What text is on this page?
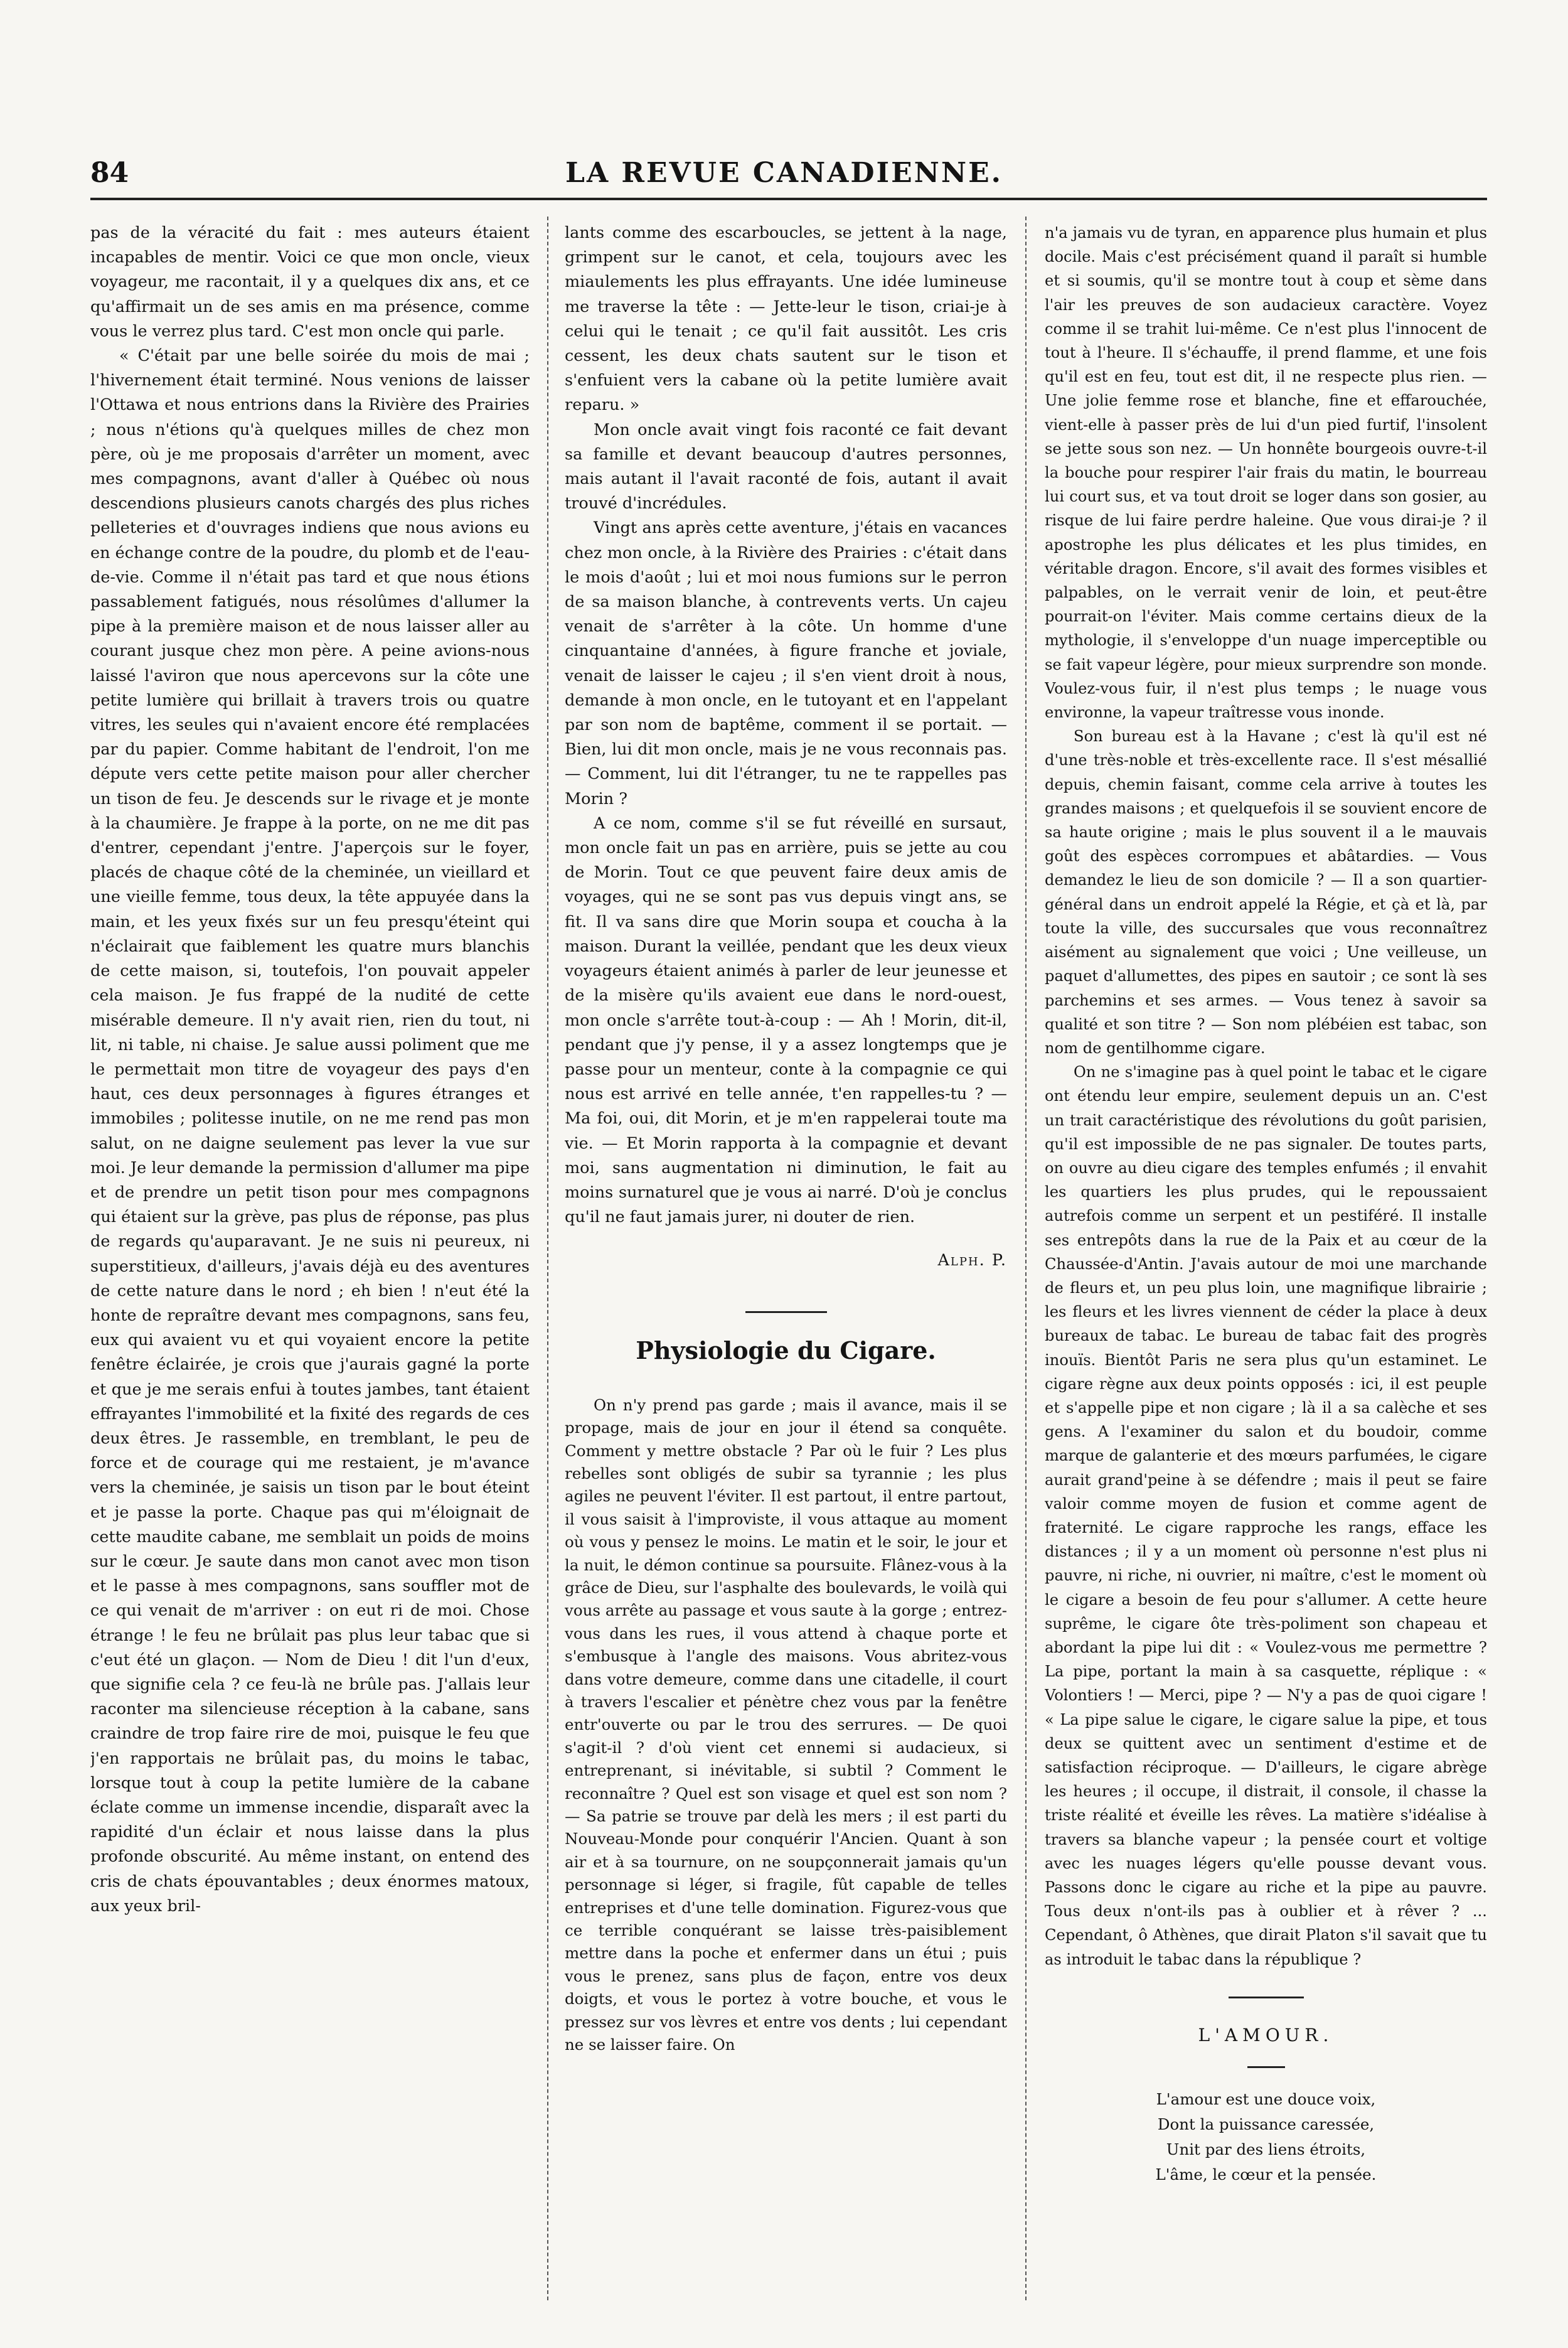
84	LA REVUE CANADIENNE.

pas de la véracité du fait : mes auteurs étaient incapables de mentir. Voici ce que mon oncle, vieux voyageur, me racontait, il y a quelques dix ans, et ce qu'affirmait un de ses amis en ma présence, comme vous le verrez plus tard. C'est mon oncle qui parle.

« C'était par une belle soirée du mois de mai ; l'hivernement était terminé. Nous venions de laisser l'Ottawa et nous entrions dans la Rivière des Prairies ; nous n'étions qu'à quelques milles de chez mon père, où je me proposais d'arrêter un moment, avec mes compagnons, avant d'aller à Québec où nous descendions plusieurs canots chargés des plus riches pelleteries et d'ouvrages indiens que nous avions eu en échange contre de la poudre, du plomb et de l'eau-de-vie. Comme il n'était pas tard et que nous étions passablement fatigués, nous résolûmes d'allumer la pipe à la première maison et de nous laisser aller au courant jusque chez mon père. A peine avions-nous laissé l'aviron que nous apercevons sur la côte une petite lumière qui brillait à travers trois ou quatre vitres, les seules qui n'avaient encore été remplacées par du papier. Comme habitant de l'endroit, l'on me députe vers cette petite maison pour aller chercher un tison de feu. Je descends sur le rivage et je monte à la chaumière. Je frappe à la porte, on ne me dit pas d'entrer, cependant j'entre. J'aperçois sur le foyer, placés de chaque côté de la cheminée, un vieillard et une vieille femme, tous deux, la tête appuyée dans la main, et les yeux fixés sur un feu presqu'éteint qui n'éclairait que faiblement les quatre murs blanchis de cette maison, si, toutefois, l'on pouvait appeler cela maison. Je fus frappé de la nudité de cette misérable demeure. Il n'y avait rien, rien du tout, ni lit, ni table, ni chaise. Je salue aussi poliment que me le permettait mon titre de voyageur des pays d'en haut, ces deux personnages à figures étranges et immobiles ; politesse inutile, on ne me rend pas mon salut, on ne daigne seulement pas lever la vue sur moi. Je leur demande la permission d'allumer ma pipe et de prendre un petit tison pour mes compagnons qui étaient sur la grève, pas plus de réponse, pas plus de regards qu'auparavant. Je ne suis ni peureux, ni superstitieux, d'ailleurs, j'avais déjà eu des aventures de cette nature dans le nord ; eh bien ! n'eut été la honte de repraître devant mes compagnons, sans feu, eux qui avaient vu et qui voyaient encore la petite fenêtre éclairée, je crois que j'aurais gagné la porte et que je me serais enfui à toutes jambes, tant étaient effrayantes l'immobilité et la fixité des regards de ces deux êtres. Je rassemble, en tremblant, le peu de force et de courage qui me restaient, je m'avance vers la cheminée, je saisis un tison par le bout éteint et je passe la porte. Chaque pas qui m'éloignait de cette maudite cabane, me semblait un poids de moins sur le cœur. Je saute dans mon canot avec mon tison et le passe à mes compagnons, sans souffler mot de ce qui venait de m'arriver : on eut ri de moi. Chose étrange ! le feu ne brûlait pas plus leur tabac que si c'eut été un glaçon. — Nom de Dieu ! dit l'un d'eux, que signifie cela ? ce feu-là ne brûle pas. J'allais leur raconter ma silencieuse réception à la cabane, sans craindre de trop faire rire de moi, puisque le feu que j'en rapportais ne brûlait pas, du moins le tabac, lorsque tout à coup la petite lumière de la cabane éclate comme un immense incendie, disparaît avec la rapidité d'un éclair et nous laisse dans la plus profonde obscurité. Au même instant, on entend des cris de chats épouvantables ; deux énormes matoux, aux yeux bril-

lants comme des escarboucles, se jettent à la nage, grimpent sur le canot, et cela, toujours avec les miaulements les plus effrayants. Une idée lumineuse me traverse la tête : — Jette-leur le tison, criai-je à celui qui le tenait ; ce qu'il fait aussitôt. Les cris cessent, les deux chats sautent sur le tison et s'enfuient vers la cabane où la petite lumière avait reparu. »

Mon oncle avait vingt fois raconté ce fait devant sa famille et devant beaucoup d'autres personnes, mais autant il l'avait raconté de fois, autant il avait trouvé d'incrédules.

Vingt ans après cette aventure, j'étais en vacances chez mon oncle, à la Rivière des Prairies : c'était dans le mois d'août ; lui et moi nous fumions sur le perron de sa maison blanche, à contrevents verts. Un cajeu venait de s'arrêter à la côte. Un homme d'une cinquantaine d'années, à figure franche et joviale, venait de laisser le cajeu ; il s'en vient droit à nous, demande à mon oncle, en le tutoyant et en l'appelant par son nom de baptême, comment il se portait. — Bien, lui dit mon oncle, mais je ne vous reconnais pas. — Comment, lui dit l'étranger, tu ne te rappelles pas Morin ?

A ce nom, comme s'il se fut réveillé en sursaut, mon oncle fait un pas en arrière, puis se jette au cou de Morin. Tout ce que peuvent faire deux amis de voyages, qui ne se sont pas vus depuis vingt ans, se fit. Il va sans dire que Morin soupa et coucha à la maison. Durant la veillée, pendant que les deux vieux voyageurs étaient animés à parler de leur jeunesse et de la misère qu'ils avaient eue dans le nord-ouest, mon oncle s'arrête tout-à-coup : — Ah ! Morin, dit-il, pendant que j'y pense, il y a assez longtemps que je passe pour un menteur, conte à la compagnie ce qui nous est arrivé en telle année, t'en rappelles-tu ? — Ma foi, oui, dit Morin, et je m'en rappelerai toute ma vie. — Et Morin rapporta à la compagnie et devant moi, sans augmentation ni diminution, le fait au moins surnaturel que je vous ai narré. D'où je conclus qu'il ne faut jamais jurer, ni douter de rien.

Alph. P.

Physiologie du Cigare.

On n'y prend pas garde ; mais il avance, mais il se propage, mais de jour en jour il étend sa conquête. Comment y mettre obstacle ? Par où le fuir ? Les plus rebelles sont obligés de subir sa tyrannie ; les plus agiles ne peuvent l'éviter. Il est partout, il entre partout, il vous saisit à l'improviste, il vous attaque au moment où vous y pensez le moins. Le matin et le soir, le jour et la nuit, le démon continue sa poursuite. Flânez-vous à la grâce de Dieu, sur l'asphalte des boulevards, le voilà qui vous arrête au passage et vous saute à la gorge ; entrez-vous dans les rues, il vous attend à chaque porte et s'embusque à l'angle des maisons. Vous abritez-vous dans votre demeure, comme dans une citadelle, il court à travers l'escalier et pénètre chez vous par la fenêtre entr'ouverte ou par le trou des serrures. — De quoi s'agit-il ? d'où vient cet ennemi si audacieux, si entreprenant, si inévitable, si subtil ? Comment le reconnaître ? Quel est son visage et quel est son nom ? — Sa patrie se trouve par delà les mers ; il est parti du Nouveau-Monde pour conquérir l'Ancien. Quant à son air et à sa tournure, on ne soupçonnerait jamais qu'un personnage si léger, si fragile, fût capable de telles entreprises et d'une telle domination. Figurez-vous que ce terrible conquérant se laisse très-paisiblement mettre dans la poche et enfermer dans un étui ; puis vous le prenez, sans plus de façon, entre vos deux doigts, et vous le portez à votre bouche, et vous le pressez sur vos lèvres et entre vos dents ; lui cependant ne se laisser faire. On

n'a jamais vu de tyran, en apparence plus humain et plus docile. Mais c'est précisément quand il paraît si humble et si soumis, qu'il se montre tout à coup et sème dans l'air les preuves de son audacieux caractère. Voyez comme il se trahit lui-même. Ce n'est plus l'innocent de tout à l'heure. Il s'échauffe, il prend flamme, et une fois qu'il est en feu, tout est dit, il ne respecte plus rien. — Une jolie femme rose et blanche, fine et effarouchée, vient-elle à passer près de lui d'un pied furtif, l'insolent se jette sous son nez. — Un honnête bourgeois ouvre-t-il la bouche pour respirer l'air frais du matin, le bourreau lui court sus, et va tout droit se loger dans son gosier, au risque de lui faire perdre haleine. Que vous dirai-je ? il apostrophe les plus délicates et les plus timides, en véritable dragon. Encore, s'il avait des formes visibles et palpables, on le verrait venir de loin, et peut-être pourrait-on l'éviter. Mais comme certains dieux de la mythologie, il s'enveloppe d'un nuage imperceptible ou se fait vapeur légère, pour mieux surprendre son monde. Voulez-vous fuir, il n'est plus temps ; le nuage vous environne, la vapeur traîtresse vous inonde.

Son bureau est à la Havane ; c'est là qu'il est né d'une très-noble et très-excellente race. Il s'est mésallié depuis, chemin faisant, comme cela arrive à toutes les grandes maisons ; et quelquefois il se souvient encore de sa haute origine ; mais le plus souvent il a le mauvais goût des espèces corrompues et abâtardies. — Vous demandez le lieu de son domicile ? — Il a son quartier-général dans un endroit appelé la Régie, et çà et là, par toute la ville, des succursales que vous reconnaîtrez aisément au signalement que voici ; Une veilleuse, un paquet d'allumettes, des pipes en sautoir ; ce sont là ses parchemins et ses armes. — Vous tenez à savoir sa qualité et son titre ? — Son nom plébéien est tabac, son nom de gentilhomme cigare.

On ne s'imagine pas à quel point le tabac et le cigare ont étendu leur empire, seulement depuis un an. C'est un trait caractéristique des révolutions du goût parisien, qu'il est impossible de ne pas signaler. De toutes parts, on ouvre au dieu cigare des temples enfumés ; il envahit les quartiers les plus prudes, qui le repoussaient autrefois comme un serpent et un pestiféré. Il installe ses entrepôts dans la rue de la Paix et au cœur de la Chaussée-d'Antin. J'avais autour de moi une marchande de fleurs et, un peu plus loin, une magnifique librairie ; les fleurs et les livres viennent de céder la place à deux bureaux de tabac. Le bureau de tabac fait des progrès inouïs. Bientôt Paris ne sera plus qu'un estaminet. Le cigare règne aux deux points opposés : ici, il est peuple et s'appelle pipe et non cigare ; là il a sa calèche et ses gens. A l'examiner du salon et du boudoir, comme marque de galanterie et des mœurs parfumées, le cigare aurait grand'peine à se défendre ; mais il peut se faire valoir comme moyen de fusion et comme agent de fraternité. Le cigare rapproche les rangs, efface les distances ; il y a un moment où personne n'est plus ni pauvre, ni riche, ni ouvrier, ni maître, c'est le moment où le cigare a besoin de feu pour s'allumer. A cette heure suprême, le cigare ôte très-poliment son chapeau et abordant la pipe lui dit : « Voulez-vous me permettre ? La pipe, portant la main à sa casquette, réplique : « Volontiers ! — Merci, pipe ? — N'y a pas de quoi cigare ! « La pipe salue le cigare, le cigare salue la pipe, et tous deux se quittent avec un sentiment d'estime et de satisfaction réciproque. — D'ailleurs, le cigare abrège les heures ; il occupe, il distrait, il console, il chasse la triste réalité et éveille les rêves. La matière s'idéalise à travers sa blanche vapeur ; la pensée court et voltige avec les nuages légers qu'elle pousse devant vous. Passons donc le cigare au riche et la pipe au pauvre. Tous deux n'ont-ils pas à oublier et à rêver ? ... Cependant, ô Athènes, que dirait Platon s'il savait que tu as introduit le tabac dans la république ?

L'AMOUR.

L'amour est une douce voix,

Dont la puissance caressée,

Unit par des liens étroits,

L'âme, le cœur et la pensée.
